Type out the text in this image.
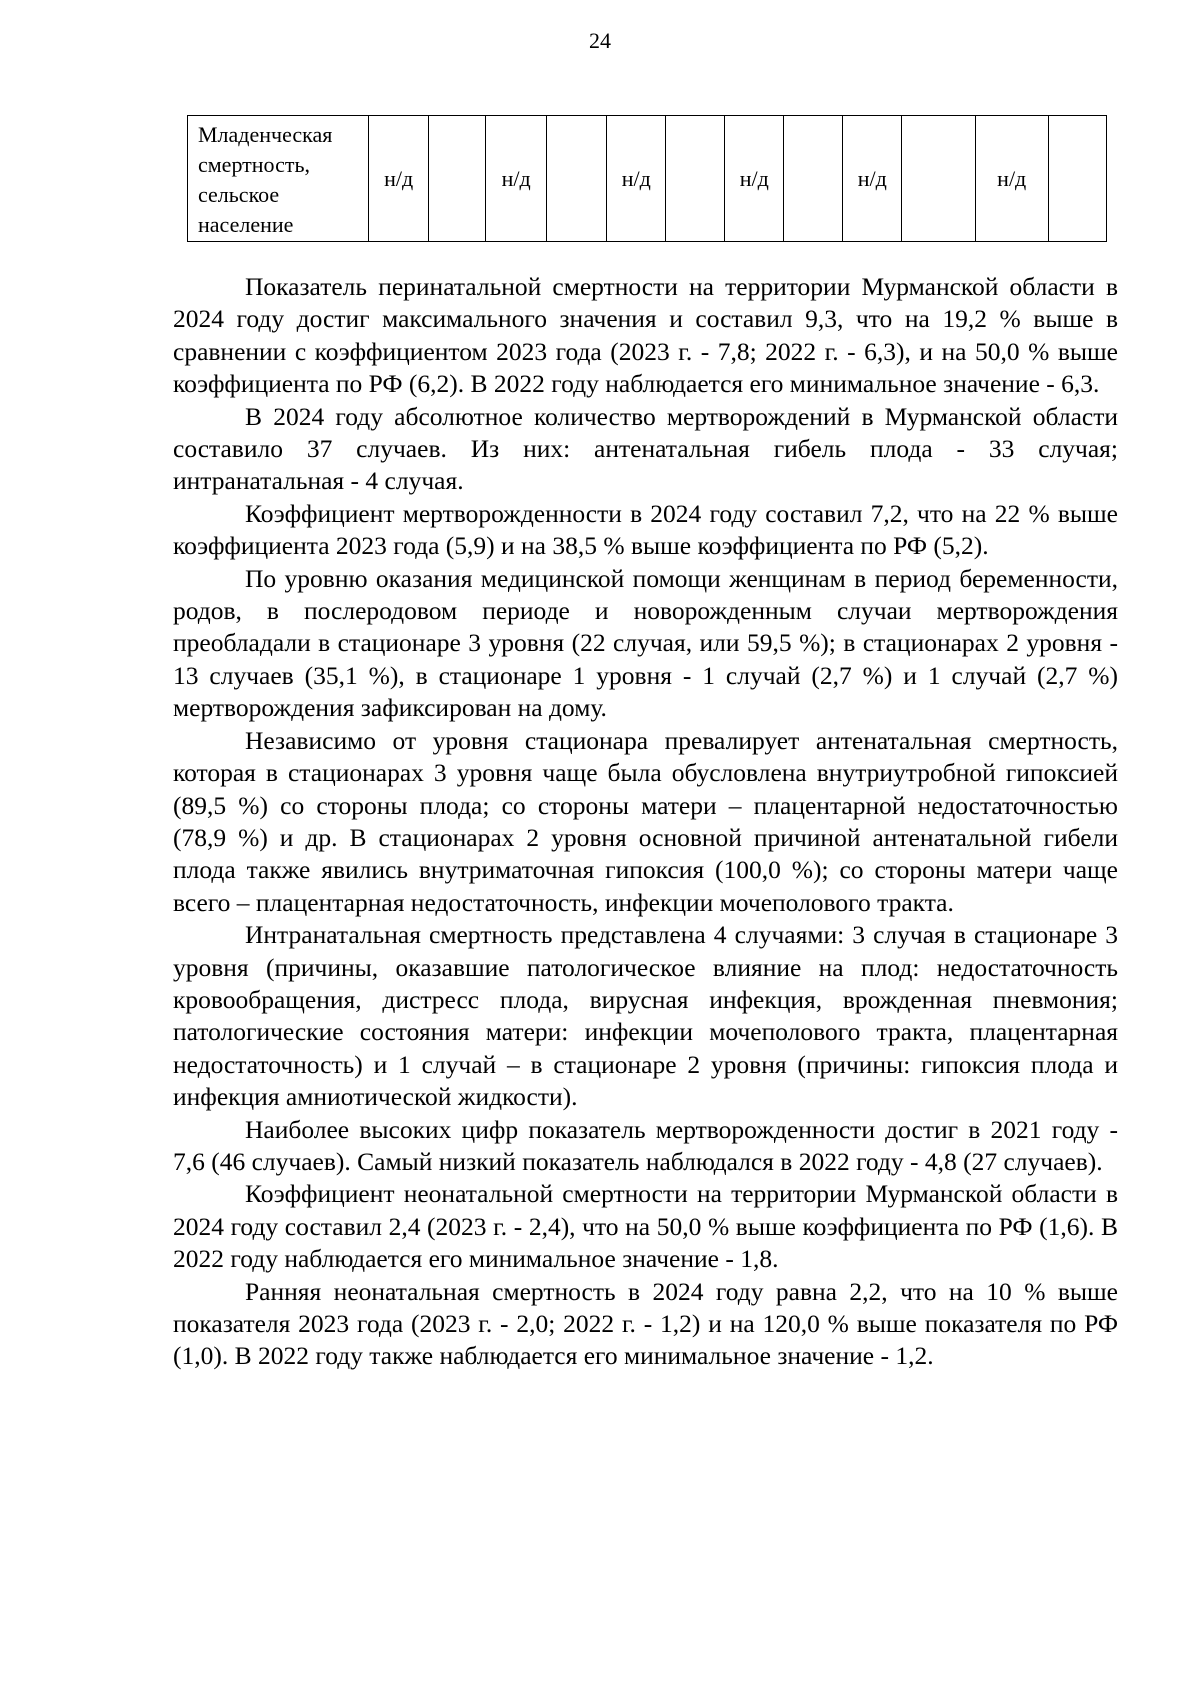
24
Младенческая смертность, сельское население	н/д		н/д		н/д		н/д		н/д		н/д	

Показатель перинатальной смертности на территории Мурманской области в 2024 году достиг максимального значения и составил 9,3, что на 19,2 % выше в сравнении с коэффициентом 2023 года (2023 г. - 7,8; 2022 г. - 6,3), и на 50,0 % выше коэффициента по РФ (6,2). В 2022 году наблюдается его минимальное значение - 6,3.

В 2024 году абсолютное количество мертворождений в Мурманской области составило 37 случаев. Из них: антенатальная гибель плода - 33 случая; интранатальная - 4 случая.

Коэффициент мертворожденности в 2024 году составил 7,2, что на 22 % выше коэффициента 2023 года (5,9) и на 38,5 % выше коэффициента по РФ (5,2).

По уровню оказания медицинской помощи женщинам в период беременности, родов, в послеродовом периоде и новорожденным случаи мертворождения преобладали в стационаре 3 уровня (22 случая, или 59,5 %); в стационарах 2 уровня - 13 случаев (35,1 %), в стационаре 1 уровня - 1 случай (2,7 %) и 1 случай (2,7 %) мертворождения зафиксирован на дому.

Независимо от уровня стационара превалирует антенатальная смертность, которая в стационарах 3 уровня чаще была обусловлена внутриутробной гипоксией (89,5 %) со стороны плода; со стороны матери – плацентарной недостаточностью (78,9 %) и др. В стационарах 2 уровня основной причиной антенатальной гибели плода также явились внутриматочная гипоксия (100,0 %); со стороны матери чаще всего – плацентарная недостаточность, инфекции мочеполового тракта.

Интранатальная смертность представлена 4 случаями: 3 случая в стационаре 3 уровня (причины, оказавшие патологическое влияние на плод: недостаточность кровообращения, дистресс плода, вирусная инфекция, врожденная пневмония; патологические состояния матери: инфекции мочеполового тракта, плацентарная недостаточность) и 1 случай – в стационаре 2 уровня (причины: гипоксия плода и инфекция амниотической жидкости).

Наиболее высоких цифр показатель мертворожденности достиг в 2021 году - 7,6 (46 случаев). Самый низкий показатель наблюдался в 2022 году - 4,8 (27 случаев).

Коэффициент неонатальной смертности на территории Мурманской области в 2024 году составил 2,4 (2023 г. - 2,4), что на 50,0 % выше коэффициента по РФ (1,6). В 2022 году наблюдается его минимальное значение - 1,8.

Ранняя неонатальная смертность в 2024 году равна 2,2, что на 10 % выше показателя 2023 года (2023 г. - 2,0; 2022 г. - 1,2) и на 120,0 % выше показателя по РФ (1,0). В 2022 году также наблюдается его минимальное значение - 1,2.
